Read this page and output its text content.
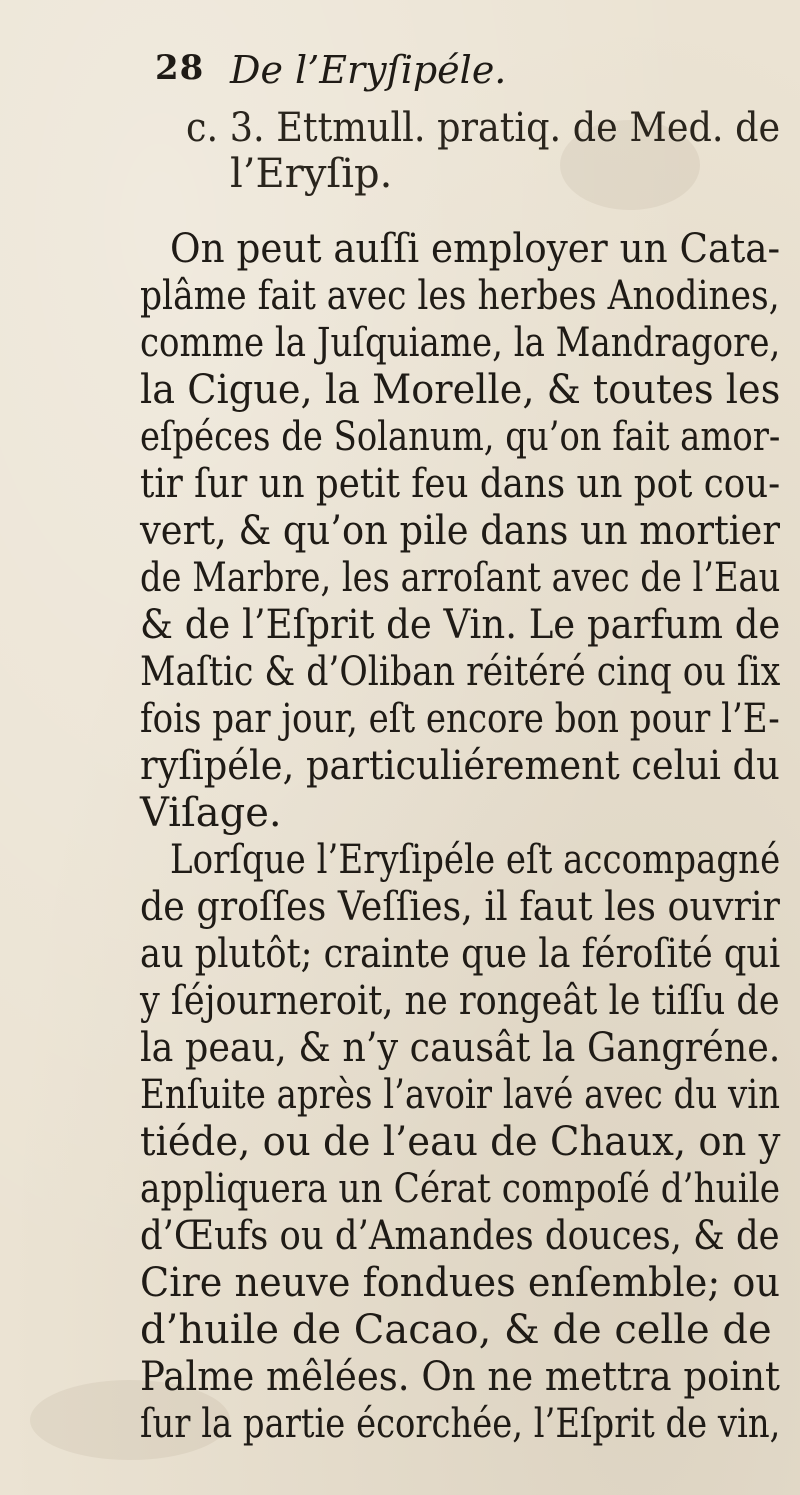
28 De l’Eryſipéle.
c. 3. Ettmull. pratiq. de Med. de
l’Eryſip.
On peut auſſi employer un Cata-
plâme fait avec les herbes Anodines,
comme la Juſquiame, la Mandragore,
la Cigue, la Morelle, & toutes les
eſpéces de Solanum, qu’on fait amor-
tir ſur un petit feu dans un pot cou-
vert, & qu’on pile dans un mortier
de Marbre, les arroſant avec de l’Eau
& de l’Eſprit de Vin. Le parfum de
Maſtic & d’Oliban réitéré cinq ou ſix
fois par jour, eſt encore bon pour l’E-
ryſipéle, particuliérement celui du
Viſage.
Lorſque l’Eryſipéle eſt accompagné
de groſſes Veſſies, il faut les ouvrir
au plutôt; crainte que la féroſité qui
y ſéjourneroit, ne rongeât le tiſſu de
la peau, & n’y causât la Gangréne.
Enſuite après l’avoir lavé avec du vin
tiéde, ou de l’eau de Chaux, on y
appliquera un Cérat compoſé d’huile
d’Œufs ou d’Amandes douces, & de
Cire neuve fondues enſemble; ou
d’huile de Cacao, & de celle de
Palme mêlées. On ne mettra point
ſur la partie écorchée, l’Eſprit de vin,
